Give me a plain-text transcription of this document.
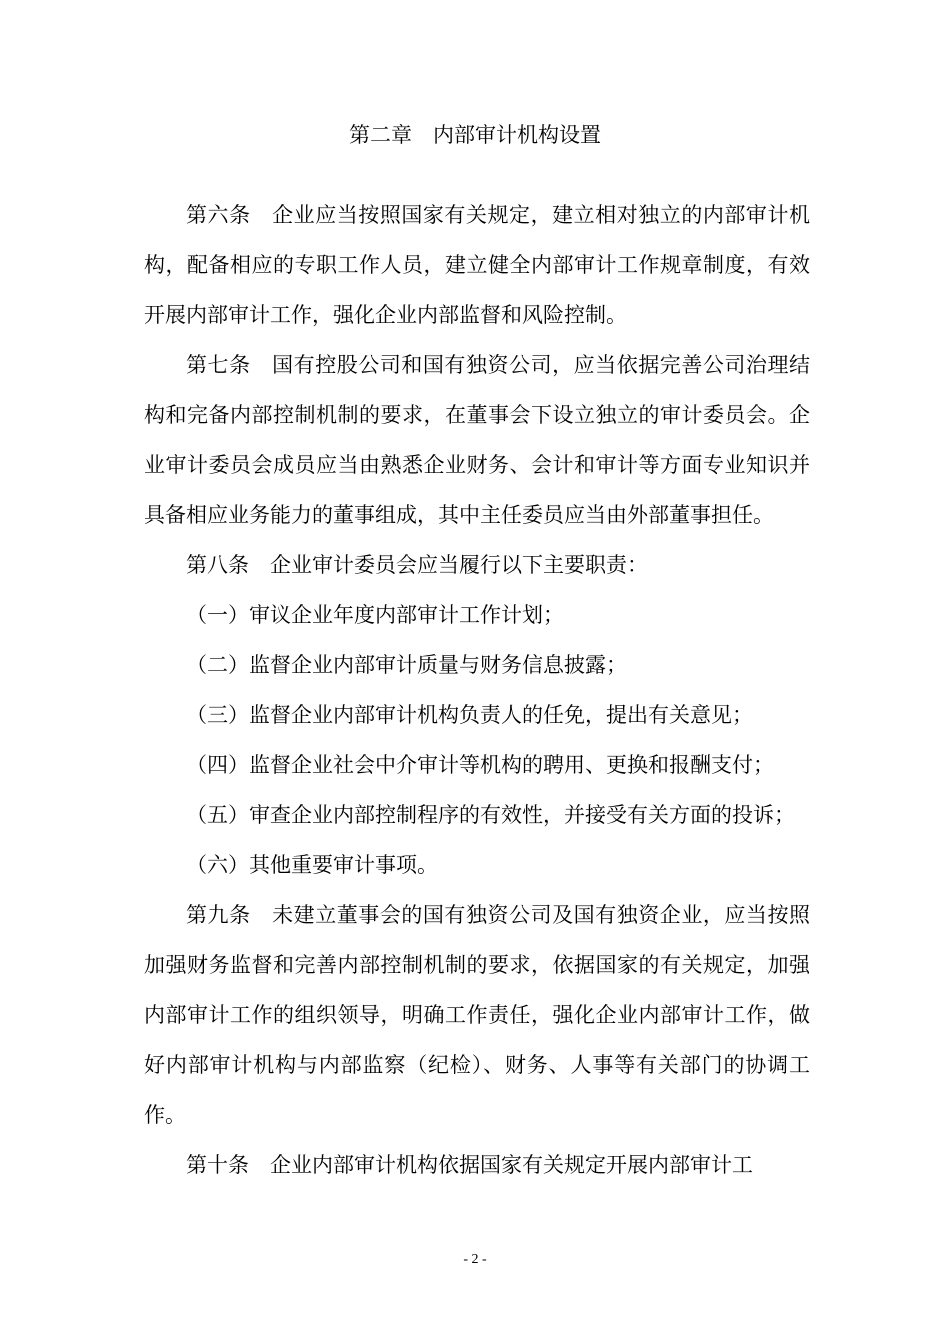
第二章　内部审计机构设置

第六条　企业应当按照国家有关规定，建立相对独立的内部审计机构，配备相应的专职工作人员，建立健全内部审计工作规章制度，有效开展内部审计工作，强化企业内部监督和风险控制。

第七条　国有控股公司和国有独资公司，应当依据完善公司治理结构和完备内部控制机制的要求，在董事会下设立独立的审计委员会。企业审计委员会成员应当由熟悉企业财务、会计和审计等方面专业知识并具备相应业务能力的董事组成，其中主任委员应当由外部董事担任。

第八条　企业审计委员会应当履行以下主要职责：

（一）审议企业年度内部审计工作计划；

（二）监督企业内部审计质量与财务信息披露；

（三）监督企业内部审计机构负责人的任免，提出有关意见；

（四）监督企业社会中介审计等机构的聘用、更换和报酬支付；

（五）审查企业内部控制程序的有效性，并接受有关方面的投诉；

（六）其他重要审计事项。

第九条　未建立董事会的国有独资公司及国有独资企业，应当按照加强财务监督和完善内部控制机制的要求，依据国家的有关规定，加强内部审计工作的组织领导，明确工作责任，强化企业内部审计工作，做好内部审计机构与内部监察（纪检）、财务、人事等有关部门的协调工作。

第十条　企业内部审计机构依据国家有关规定开展内部审计工

- 2 -
